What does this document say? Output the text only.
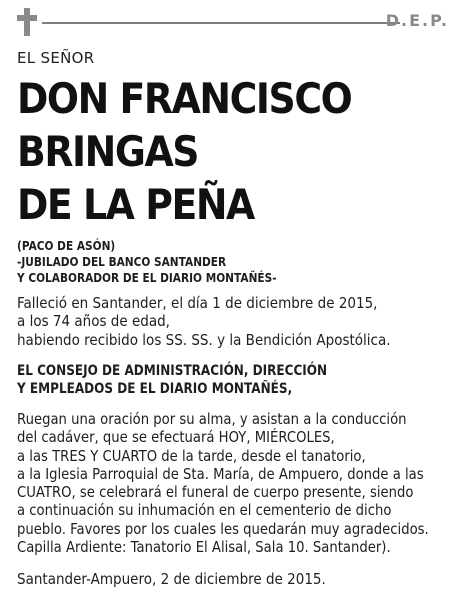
D.E.P.
EL SEÑOR
DON FRANCISCO
BRINGAS
DE LA PEÑA
(PACO DE ASÓN)
-JUBILADO DEL BANCO SANTANDER
Y COLABORADOR DE EL DIARIO MONTAÑÉS-
Falleció en Santander, el día 1 de diciembre de 2015,
a los 74 años de edad,
habiendo recibido los SS. SS. y la Bendición Apostólica.
EL CONSEJO DE ADMINISTRACIÓN, DIRECCIÓN
Y EMPLEADOS DE EL DIARIO MONTAÑÉS,
Ruegan una oración por su alma, y asistan a la conducción
del cadáver, que se efectuará HOY, MIÉRCOLES,
a las TRES Y CUARTO de la tarde, desde el tanatorio,
a la Iglesia Parroquial de Sta. María, de Ampuero, donde a las
CUATRO, se celebrará el funeral de cuerpo presente, siendo
a continuación su inhumación en el cementerio de dicho
pueblo. Favores por los cuales les quedarán muy agradecidos.
Capilla Ardiente: Tanatorio El Alisal, Sala 10. Santander).
Santander-Ampuero, 2 de diciembre de 2015.
